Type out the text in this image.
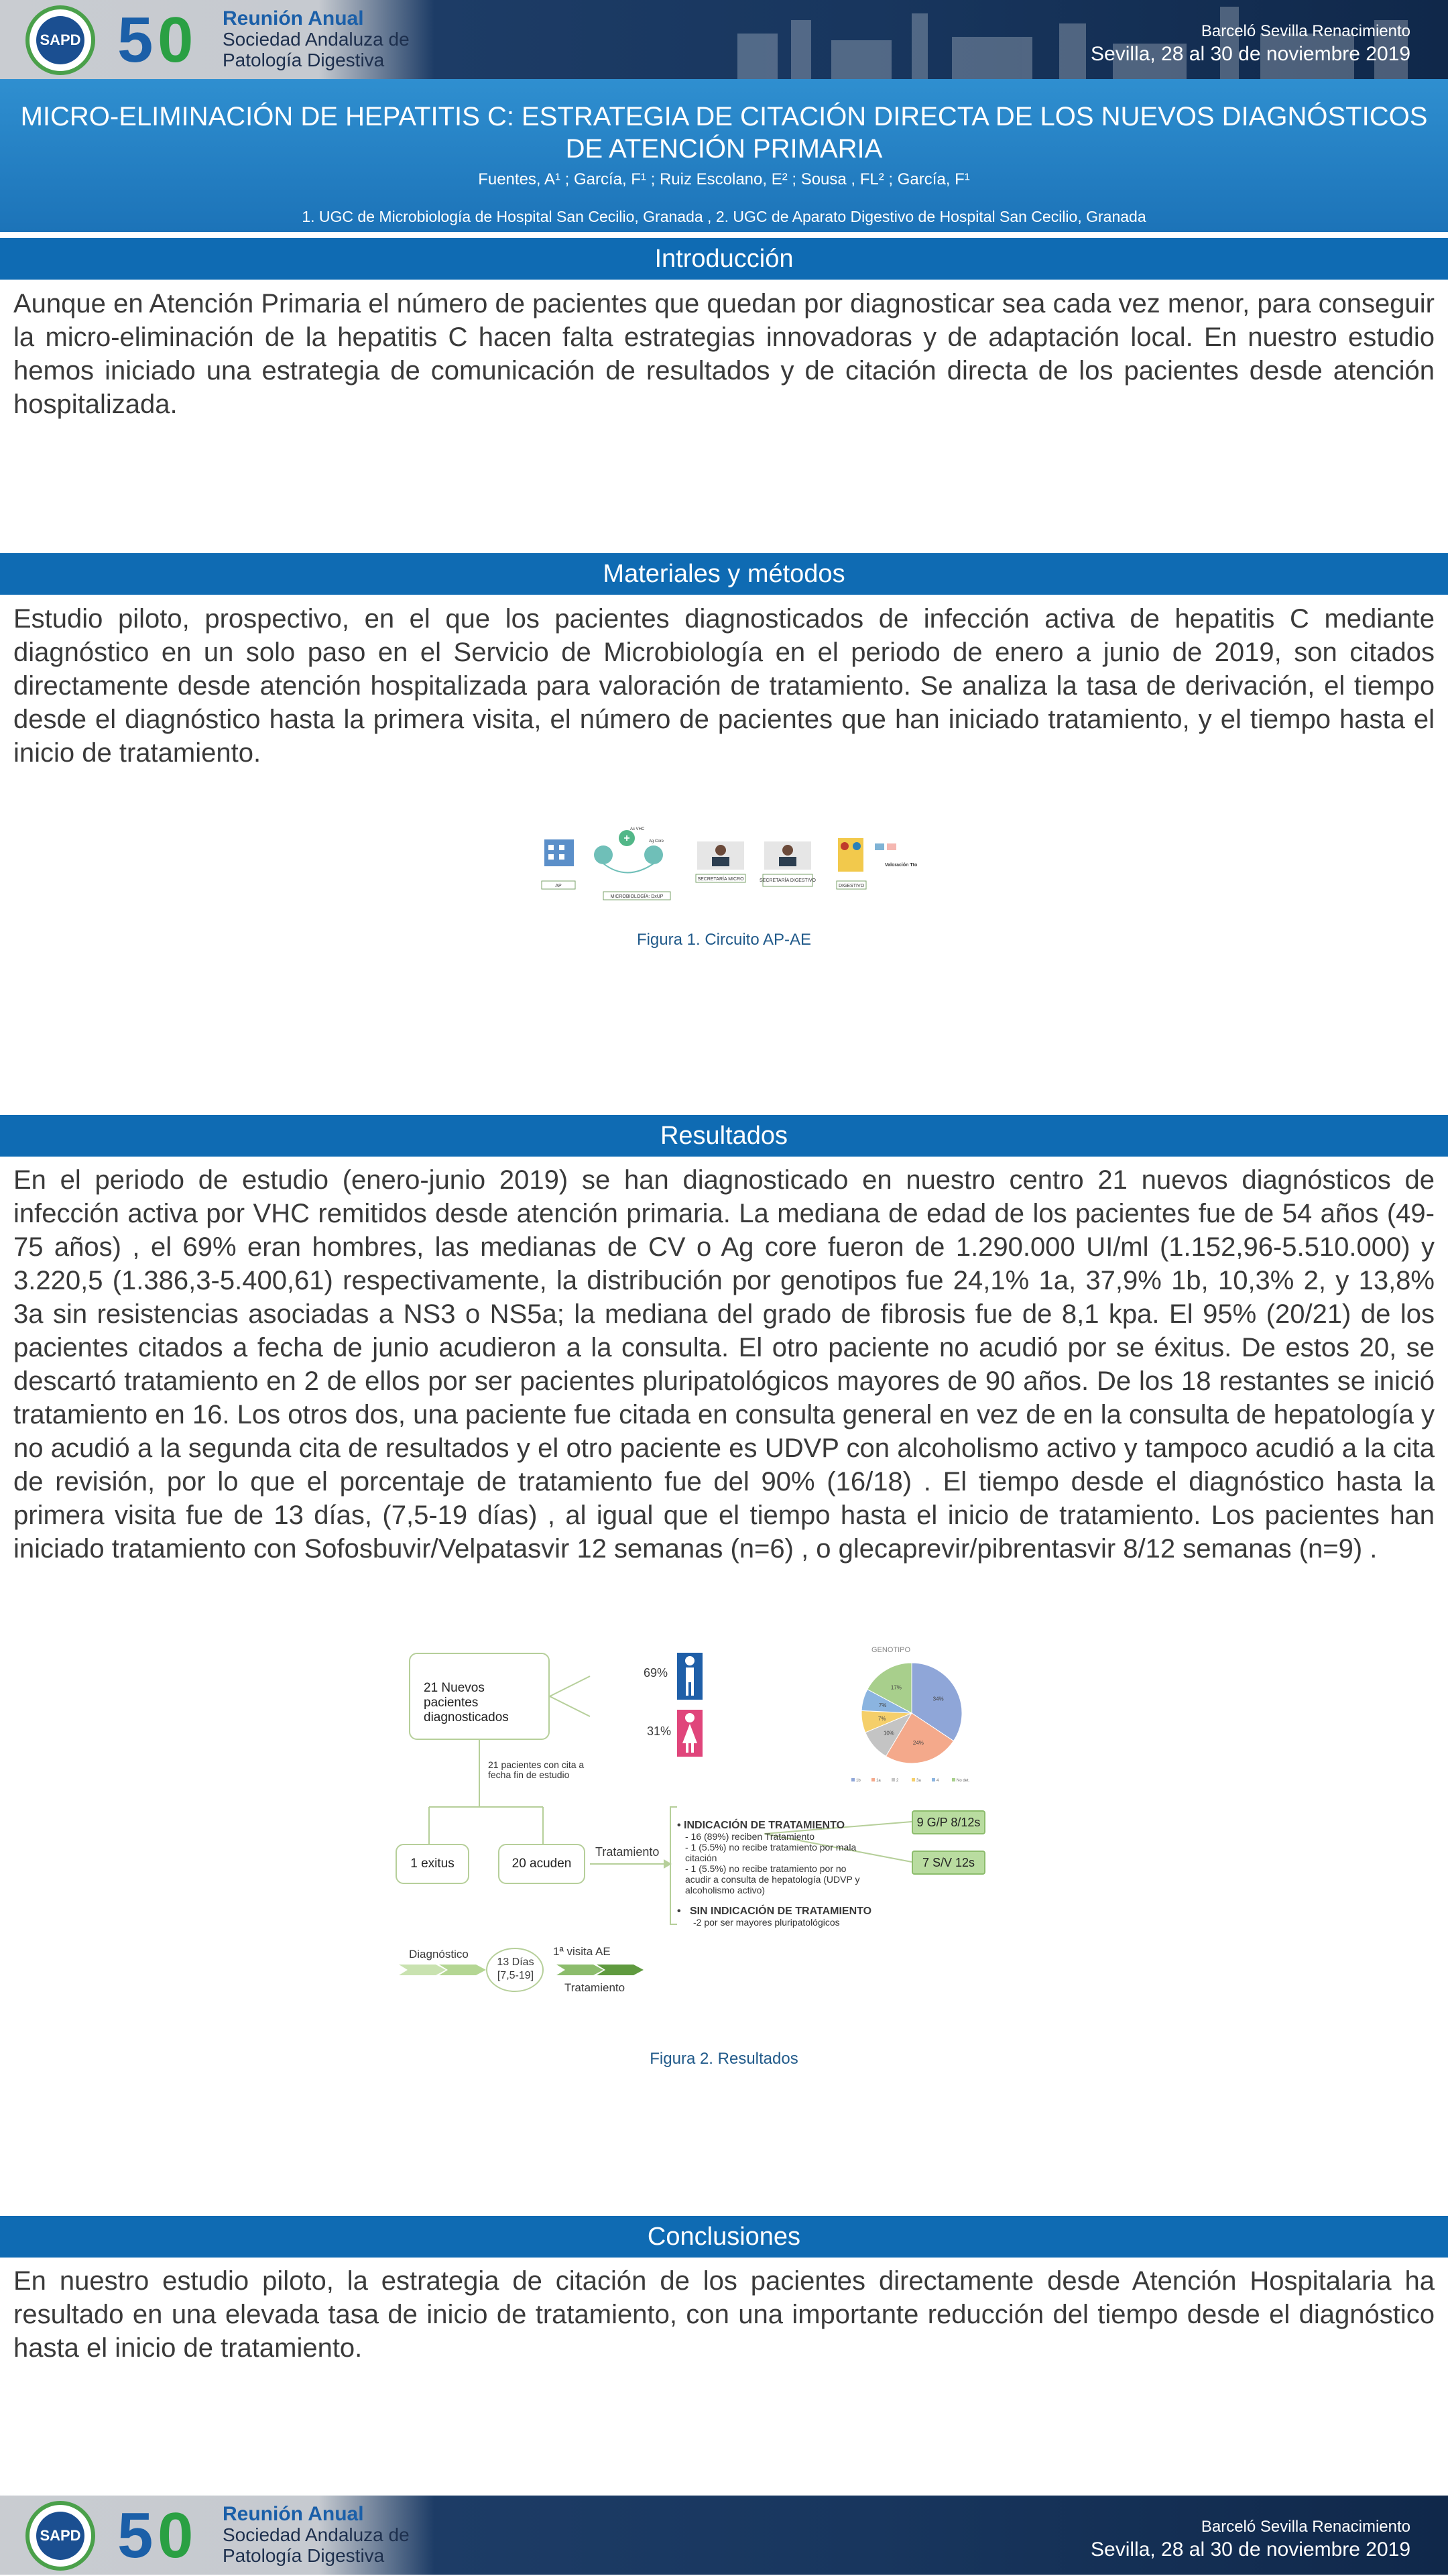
SAPD 5 0 Reunión Anual
Sociedad Andaluza de
Patología Digestiva
Barceló Sevilla Renacimiento
Sevilla, 28 al 30 de noviembre 2019
MICRO-ELIMINACIÓN DE HEPATITIS C: ESTRATEGIA DE CITACIÓN DIRECTA DE LOS NUEVOS DIAGNÓSTICOS DE ATENCIÓN PRIMARIA
Fuentes, A¹ ; García, F¹ ; Ruiz Escolano, E² ; Sousa , FL² ; García, F¹
1. UGC de Microbiología de Hospital San Cecilio, Granada , 2. UGC de Aparato Digestivo de Hospital San Cecilio, Granada
Introducción
Aunque en Atención Primaria el número de pacientes que quedan por diagnosticar sea cada vez menor, para conseguir la micro-eliminación de la hepatitis C hacen falta estrategias innovadoras y de adaptación local. En nuestro estudio hemos iniciado una estrategia de comunicación de resultados y de citación directa de los pacientes desde atención hospitalizada.
Materiales y métodos
Estudio piloto, prospectivo, en el que los pacientes diagnosticados de infección activa de hepatitis C mediante diagnóstico en un solo paso en el Servicio de Microbiología en el periodo de enero a junio de 2019, son citados directamente desde atención hospitalizada para valoración de tratamiento. Se analiza la tasa de derivación, el tiempo desde el diagnóstico hasta la primera visita, el número de pacientes que han iniciado tratamiento, y el tiempo hasta el inicio de tratamiento.
AP
+
Ac VHC
Ag Core
MICROBIOLOGÍA: DxUP
SECRETARÍA MICRO	SECRETARÍA DIGESTIVO
DIGESTIVO
Valoración Tto
Figura 1. Circuito AP-AE
Resultados
En el periodo de estudio (enero-junio 2019) se han diagnosticado en nuestro centro 21 nuevos diagnósticos de infección activa por VHC remitidos desde atención primaria. La mediana de edad de los pacientes fue de 54 años (49-75 años) , el 69% eran hombres, las medianas de CV o Ag core fueron de 1.290.000 UI/ml (1.152,96-5.510.000) y 3.220,5 (1.386,3-5.400,61) respectivamente, la distribución por genotipos fue 24,1% 1a, 37,9% 1b, 10,3% 2, y 13,8% 3a sin resistencias asociadas a NS3 o NS5a; la mediana del grado de fibrosis fue de 8,1 kpa. El 95% (20/21) de los pacientes citados a fecha de junio acudieron a la consulta. El otro paciente no acudió por se éxitus. De estos 20, se descartó tratamiento en 2 de ellos por ser pacientes pluripatológicos mayores de 90 años. De los 18 restantes se inició tratamiento en 16. Los otros dos, una paciente fue citada en consulta general en vez de en la consulta de hepatología y no acudió a la segunda cita de resultados y el otro paciente es UDVP con alcoholismo activo y tampoco acudió a la cita de revisión, por lo que el porcentaje de tratamiento fue del 90% (16/18) . El tiempo desde el diagnóstico hasta la primera visita fue de 13 días, (7,5-19 días) , al igual que el tiempo hasta el inicio de tratamiento. Los pacientes han iniciado tratamiento con Sofosbuvir/Velpatasvir 12 semanas (n=6) , o glecaprevir/pibrentasvir 8/12 semanas (n=9) .
21 Nuevos pacientes diagnosticados
69%
31%
21 pacientes con cita a fecha fin de estudio
1 exitus	20 acuden
Tratamiento
• INDICACIÓN DE TRATAMIENTO
- 16 (89%) reciben Tratamiento
- 1 (5.5%) no recibe tratamiento por mala citación
- 1 (5.5%) no recibe tratamiento por no acudir a consulta de hepatología (UDVP y alcoholismo activo)
•   SIN INDICACIÓN DE TRATAMIENTO
-2 por ser mayores pluripatológicos
9 G/P 8/12s
7 S/V 12s
Diagnóstico
13 Días
[7,5-19]
1ª visita AE
Tratamiento
GENOTIPO
34%
24%
10%
7%
7%
17%
1b	1a	2	3a	4	No det.
Figura 2. Resultados
Conclusiones
En nuestro estudio piloto, la estrategia de citación de los pacientes directamente desde Atención Hospitalaria ha resultado en una elevada tasa de inicio de tratamiento, con una importante reducción del tiempo desde el diagnóstico hasta el inicio de tratamiento.
SAPD 5 0 Reunión Anual
Sociedad Andaluza de
Patología Digestiva
Barceló Sevilla Renacimiento
Sevilla, 28 al 30 de noviembre 2019
